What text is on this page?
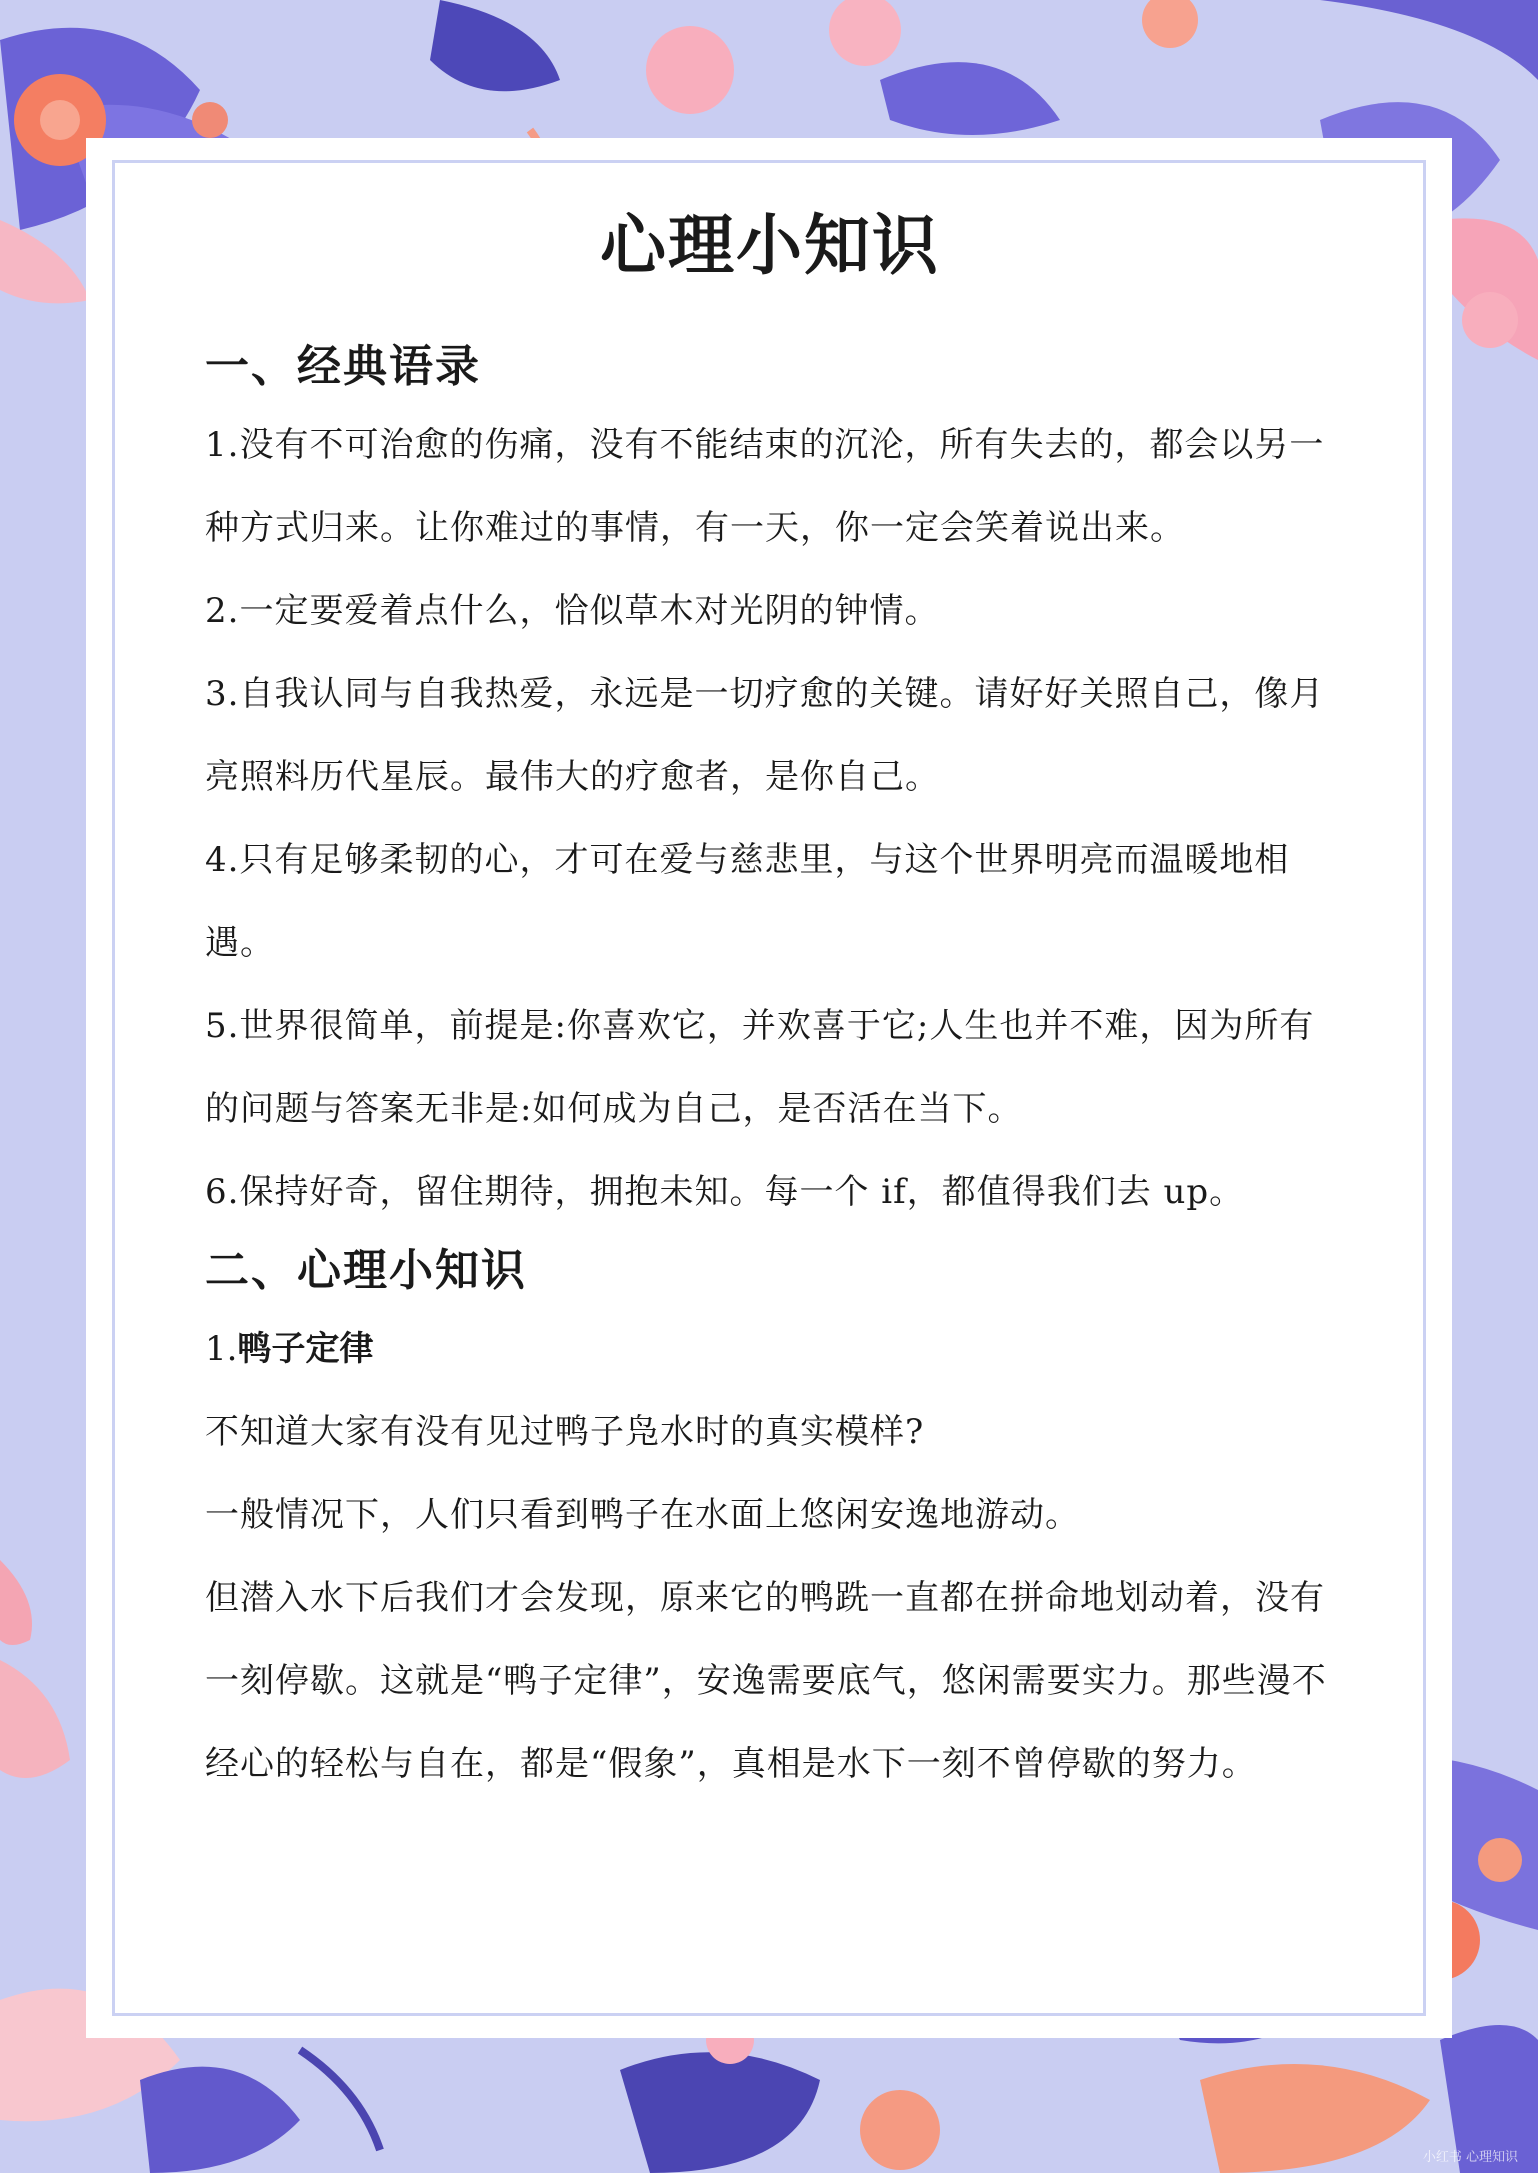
心理小知识
一、经典语录

1.没有不可治愈的伤痛，没有不能结束的沉沦，所有失去的，都会以另一种方式归来。让你难过的事情，有一天，你一定会笑着说出来。

2.一定要爱着点什么，恰似草木对光阴的钟情。

3.自我认同与自我热爱，永远是一切疗愈的关键。请好好关照自己，像月亮照料历代星辰。最伟大的疗愈者，是你自己。

4.只有足够柔韧的心，才可在爱与慈悲里，与这个世界明亮而温暖地相遇。

5.世界很简单，前提是:你喜欢它，并欢喜于它;人生也并不难，因为所有的问题与答案无非是:如何成为自己，是否活在当下。

6.保持好奇，留住期待，拥抱未知。每一个 if，都值得我们去 up。

二、心理小知识

1.鸭子定律

不知道大家有没有见过鸭子凫水时的真实模样?

一般情况下，人们只看到鸭子在水面上悠闲安逸地游动。

但潜入水下后我们才会发现，原来它的鸭跣一直都在拼命地划动着，没有一刻停歇。这就是“鸭子定律”，安逸需要底气，悠闲需要实力。那些漫不经心的轻松与自在，都是“假象”，真相是水下一刻不曾停歇的努力。

小红书 心理知识
